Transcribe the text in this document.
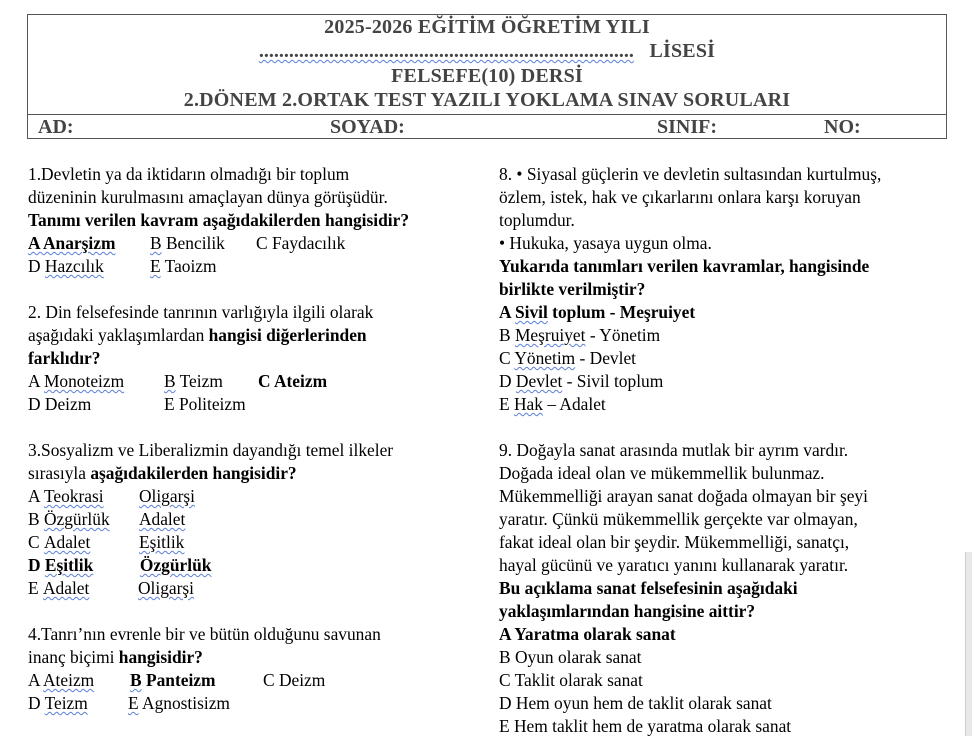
2025-2026 EĞİTİM ÖĞRETİM YILI
........................................................................... LİSESİ
FELSEFE(10) DERSİ
2.DÖNEM 2.ORTAK TEST YAZILI YOKLAMA SINAV SORULARI
AD:	SOYAD:	SINIF:	NO:
1.Devletin ya da iktidarın olmadığı bir toplum
düzeninin kurulmasını amaçlayan dünya görüşüdür.
Tanımı verilen kavram aşağıdakilerden hangisidir?
A Anarşizm B Bencilik C Faydacılık
D Hazcılık	E Taoizm
2. Din felsefesinde tanrının varlığıyla ilgili olarak
aşağıdaki yaklaşımlardan hangisi diğerlerinden
farklıdır?
A Monoteizm B Teizm C Ateizm
D Deizm	E Politeizm
3.Sosyalizm ve Liberalizmin dayandığı temel ilkeler
sırasıyla aşağıdakilerden hangisidir?
A Teokrasi Oligarşi
B Özgürlük Adalet
C Adalet	Eşitlik
D Eşitlik	Özgürlük
E Adalet	Oligarşi
4.Tanrı’nın evrenle bir ve bütün olduğunu savunan
inanç biçimi hangisidir?
A Ateizm B Panteizm	C Deizm
D Teizm E Agnostisizm
8. • Siyasal güçlerin ve devletin sultasından kurtulmuş,
özlem, istek, hak ve çıkarlarını onlara karşı koruyan
toplumdur.
• Hukuka, yasaya uygun olma.
Yukarıda tanımları verilen kavramlar, hangisinde
birlikte verilmiştir?
A Sivil toplum - Meşruiyet
B Meşruiyet - Yönetim
C Yönetim - Devlet
D Devlet - Sivil toplum
E Hak – Adalet
9. Doğayla sanat arasında mutlak bir ayrım vardır.
Doğada ideal olan ve mükemmellik bulunmaz.
Mükemmelliği arayan sanat doğada olmayan bir şeyi
yaratır. Çünkü mükemmellik gerçekte var olmayan,
fakat ideal olan bir şeydir. Mükemmelliği, sanatçı,
hayal gücünü ve yaratıcı yanını kullanarak yaratır.
Bu açıklama sanat felsefesinin aşağıdaki
yaklaşımlarından hangisine aittir?
A Yaratma olarak sanat
B Oyun olarak sanat
C Taklit olarak sanat
D Hem oyun hem de taklit olarak sanat
E Hem taklit hem de yaratma olarak sanat
